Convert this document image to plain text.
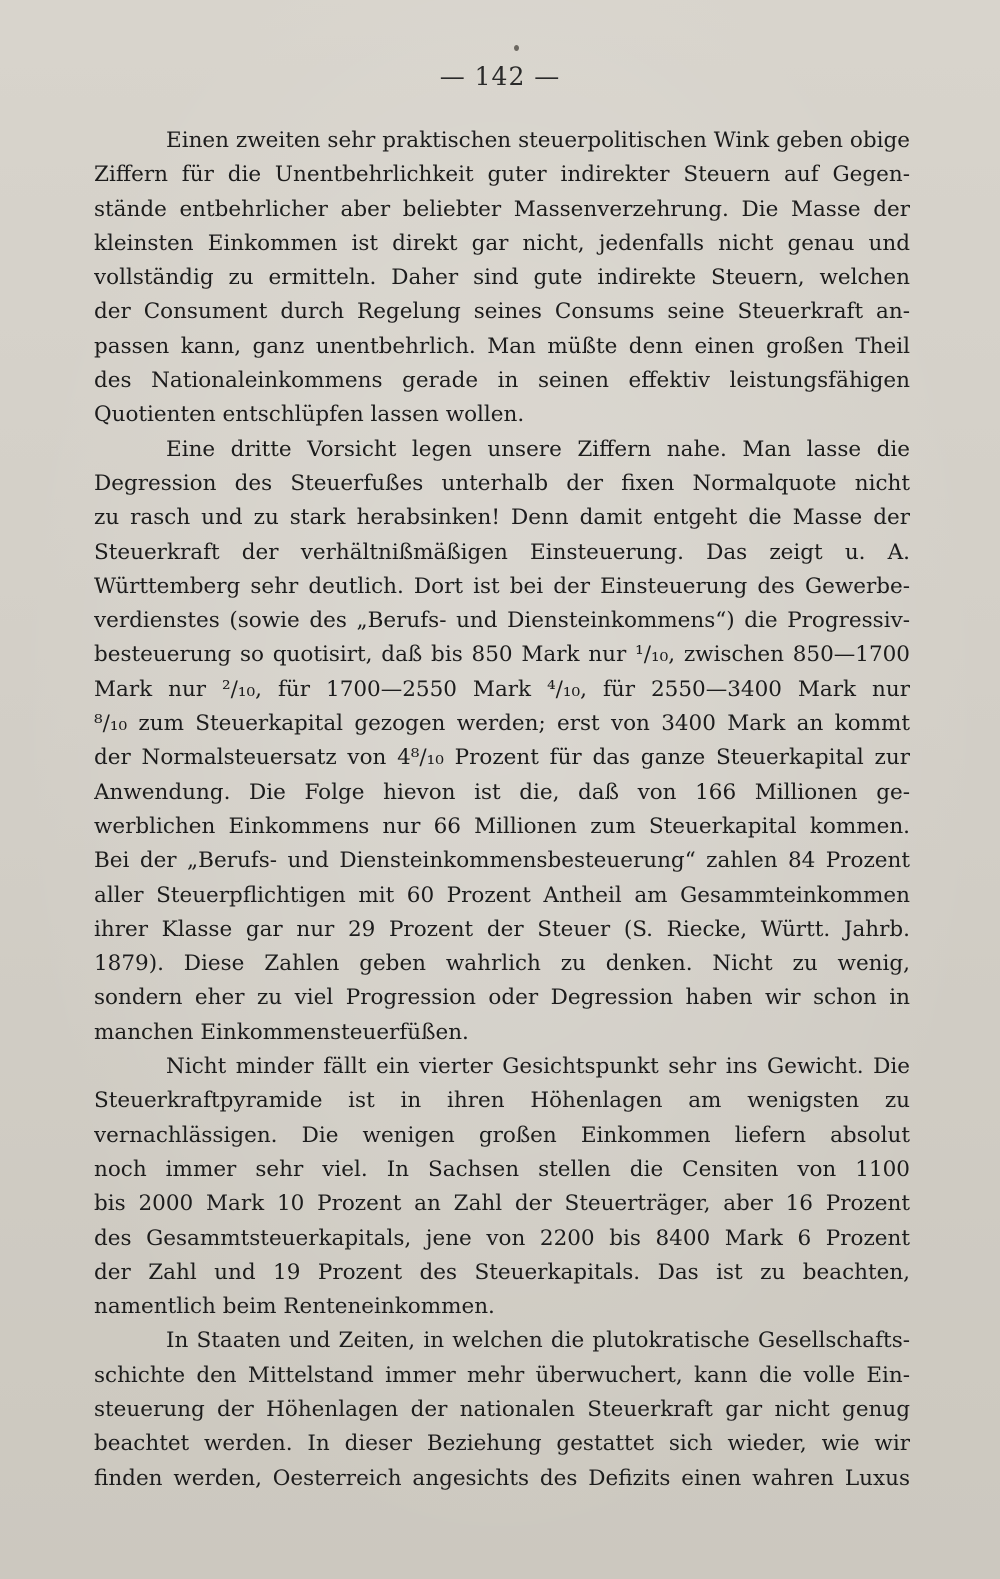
— 142 —
Einen zweiten sehr praktischen steuerpolitischen Wink geben obige
Ziffern für die Unentbehrlichkeit guter indirekter Steuern auf Gegen-
stände entbehrlicher aber beliebter Massenverzehrung. Die Masse der
kleinsten Einkommen ist direkt gar nicht, jedenfalls nicht genau und
vollständig zu ermitteln. Daher sind gute indirekte Steuern, welchen
der Consument durch Regelung seines Consums seine Steuerkraft an-
passen kann, ganz unentbehrlich. Man müßte denn einen großen Theil
des Nationaleinkommens gerade in seinen effektiv leistungsfähigen
Quotienten entschlüpfen lassen wollen.
Eine dritte Vorsicht legen unsere Ziffern nahe. Man lasse die
Degression des Steuerfußes unterhalb der fixen Normalquote nicht
zu rasch und zu stark herabsinken! Denn damit entgeht die Masse der
Steuerkraft der verhältnißmäßigen Einsteuerung. Das zeigt u. A.
Württemberg sehr deutlich. Dort ist bei der Einsteuerung des Gewerbe-
verdienstes (sowie des „Berufs- und Diensteinkommens“) die Progressiv-
besteuerung so quotisirt, daß bis 850 Mark nur ¹/₁₀, zwischen 850—1700
Mark nur ²/₁₀, für 1700—2550 Mark ⁴/₁₀, für 2550—3400 Mark nur
⁸/₁₀ zum Steuerkapital gezogen werden; erst von 3400 Mark an kommt
der Normalsteuersatz von 4⁸/₁₀ Prozent für das ganze Steuerkapital zur
Anwendung. Die Folge hievon ist die, daß von 166 Millionen ge-
werblichen Einkommens nur 66 Millionen zum Steuerkapital kommen.
Bei der „Berufs- und Diensteinkommensbesteuerung“ zahlen 84 Prozent
aller Steuerpflichtigen mit 60 Prozent Antheil am Gesammteinkommen
ihrer Klasse gar nur 29 Prozent der Steuer (S. Riecke, Württ. Jahrb.
1879). Diese Zahlen geben wahrlich zu denken. Nicht zu wenig,
sondern eher zu viel Progression oder Degression haben wir schon in
manchen Einkommensteuerfüßen.
Nicht minder fällt ein vierter Gesichtspunkt sehr ins Gewicht. Die
Steuerkraftpyramide ist in ihren Höhenlagen am wenigsten zu
vernachlässigen. Die wenigen großen Einkommen liefern absolut
noch immer sehr viel. In Sachsen stellen die Censiten von 1100
bis 2000 Mark 10 Prozent an Zahl der Steuerträger, aber 16 Prozent
des Gesammtsteuerkapitals, jene von 2200 bis 8400 Mark 6 Prozent
der Zahl und 19 Prozent des Steuerkapitals. Das ist zu beachten,
namentlich beim Renteneinkommen.
In Staaten und Zeiten, in welchen die plutokratische Gesellschafts-
schichte den Mittelstand immer mehr überwuchert, kann die volle Ein-
steuerung der Höhenlagen der nationalen Steuerkraft gar nicht genug
beachtet werden. In dieser Beziehung gestattet sich wieder, wie wir
finden werden, Oesterreich angesichts des Defizits einen wahren Luxus
